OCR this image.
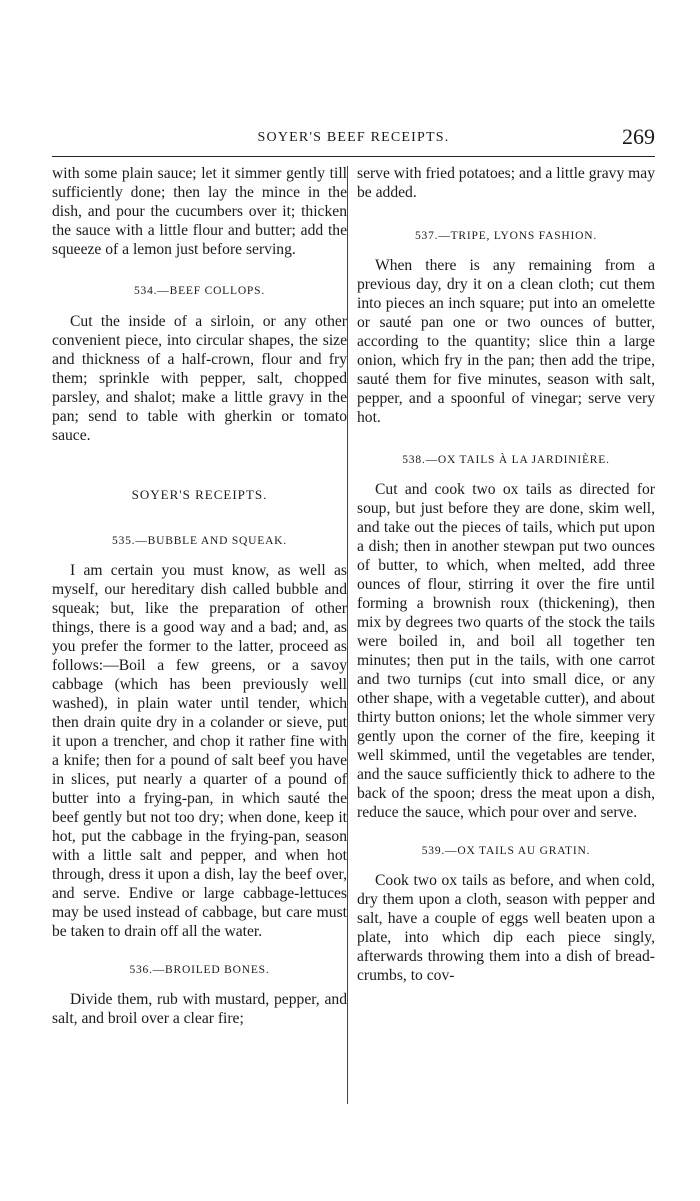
SOYER'S BEEF RECEIPTS.	269

with some plain sauce; let it simmer gently till sufficiently done; then lay the mince in the dish, and pour the cucumbers over it; thicken the sauce with a little flour and butter; add the squeeze of a lemon just before serving.

534.—BEEF COLLOPS.

Cut the inside of a sirloin, or any other convenient piece, into circular shapes, the size and thickness of a half-crown, flour and fry them; sprinkle with pepper, salt, chopped parsley, and shalot; make a little gravy in the pan; send to table with gherkin or tomato sauce.

SOYER'S RECEIPTS.
535.—BUBBLE AND SQUEAK.

I am certain you must know, as well as myself, our hereditary dish called bubble and squeak; but, like the preparation of other things, there is a good way and a bad; and, as you prefer the former to the latter, proceed as follows:—Boil a few greens, or a savoy cabbage (which has been previously well washed), in plain water until tender, which then drain quite dry in a colander or sieve, put it upon a trencher, and chop it rather fine with a knife; then for a pound of salt beef you have in slices, put nearly a quarter of a pound of butter into a frying-pan, in which sauté the beef gently but not too dry; when done, keep it hot, put the cabbage in the frying-pan, season with a little salt and pepper, and when hot through, dress it upon a dish, lay the beef over, and serve. Endive or large cabbage-lettuces may be used instead of cabbage, but care must be taken to drain off all the water.

536.—BROILED BONES.

Divide them, rub with mustard, pepper, and salt, and broil over a clear fire;

serve with fried potatoes; and a little gravy may be added.

537.—TRIPE, LYONS FASHION.

When there is any remaining from a previous day, dry it on a clean cloth; cut them into pieces an inch square; put into an omelette or sauté pan one or two ounces of butter, according to the quantity; slice thin a large onion, which fry in the pan; then add the tripe, sauté them for five minutes, season with salt, pepper, and a spoonful of vinegar; serve very hot.

538.—OX TAILS À LA JARDINIÈRE.

Cut and cook two ox tails as directed for soup, but just before they are done, skim well, and take out the pieces of tails, which put upon a dish; then in another stewpan put two ounces of butter, to which, when melted, add three ounces of flour, stirring it over the fire until forming a brownish roux (thickening), then mix by degrees two quarts of the stock the tails were boiled in, and boil all together ten minutes; then put in the tails, with one carrot and two turnips (cut into small dice, or any other shape, with a vegetable cutter), and about thirty button onions; let the whole simmer very gently upon the corner of the fire, keeping it well skimmed, until the vegetables are tender, and the sauce sufficiently thick to adhere to the back of the spoon; dress the meat upon a dish, reduce the sauce, which pour over and serve.

539.—OX TAILS AU GRATIN.

Cook two ox tails as before, and when cold, dry them upon a cloth, season with pepper and salt, have a couple of eggs well beaten upon a plate, into which dip each piece singly, afterwards throwing them into a dish of bread-crumbs, to cov-
